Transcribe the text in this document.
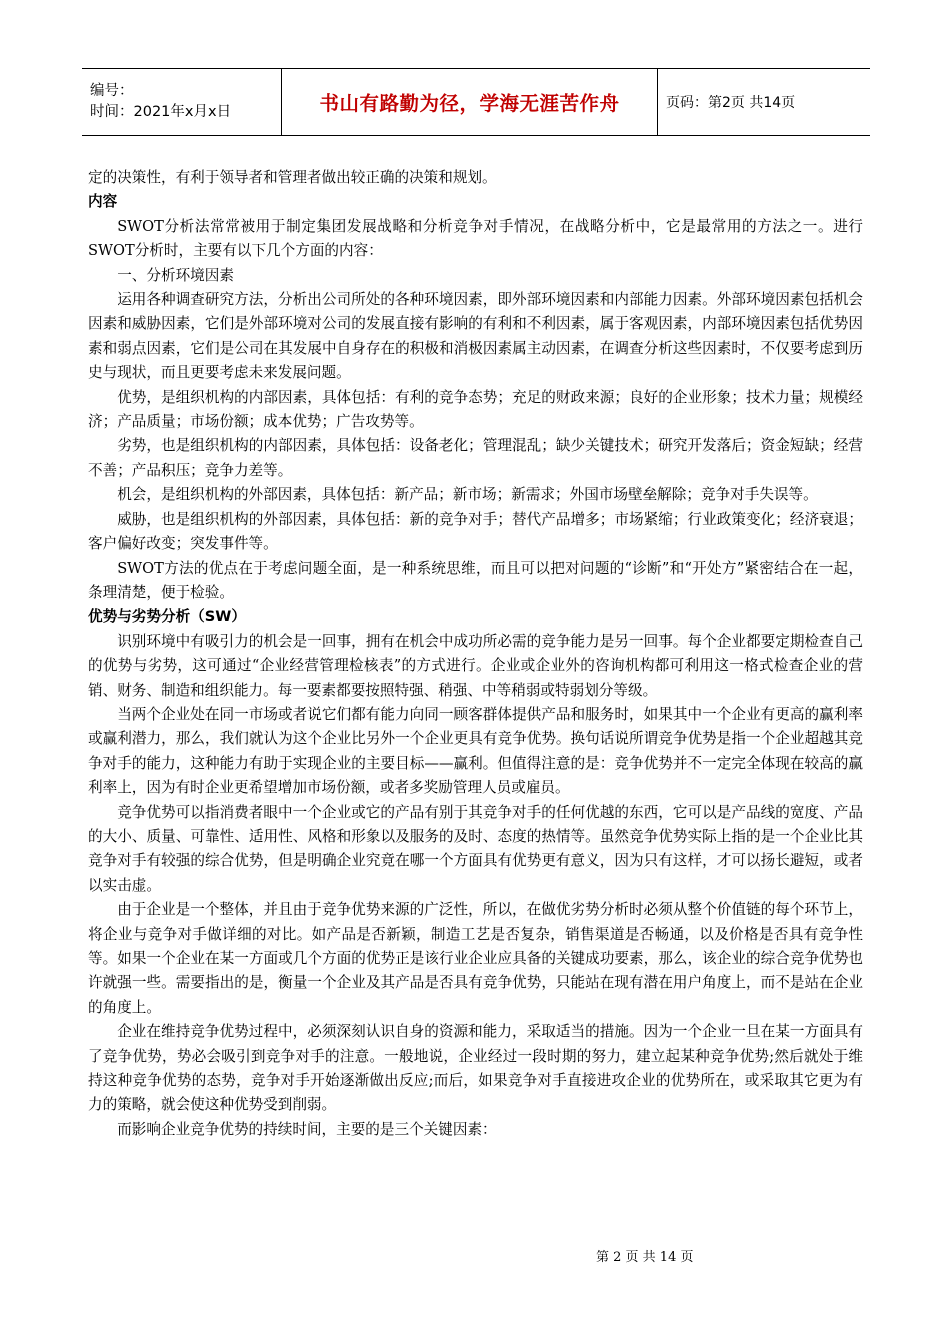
编号：
时间：2021年x月x日	书山有路勤为径，学海无涯苦作舟	页码：第2页 共14页

定的决策性，有利于领导者和管理者做出较正确的决策和规划。

内容

SWOT分析法常常被用于制定集团发展战略和分析竞争对手情况，在战略分析中，它是最常用的方法之一。进行SWOT分析时，主要有以下几个方面的内容：

一、分析环境因素

运用各种调查研究方法，分析出公司所处的各种环境因素，即外部环境因素和内部能力因素。外部环境因素包括机会因素和威胁因素，它们是外部环境对公司的发展直接有影响的有利和不利因素，属于客观因素，内部环境因素包括优势因素和弱点因素，它们是公司在其发展中自身存在的积极和消极因素属主动因素，在调查分析这些因素时，不仅要考虑到历史与现状，而且更要考虑未来发展问题。

优势，是组织机构的内部因素，具体包括：有利的竞争态势；充足的财政来源；良好的企业形象；技术力量；规模经济；产品质量；市场份额；成本优势；广告攻势等。

劣势，也是组织机构的内部因素，具体包括：设备老化；管理混乱；缺少关键技术；研究开发落后；资金短缺；经营不善；产品积压；竞争力差等。

机会，是组织机构的外部因素，具体包括：新产品；新市场；新需求；外国市场壁垒解除；竞争对手失误等。

威胁，也是组织机构的外部因素，具体包括：新的竞争对手；替代产品增多；市场紧缩；行业政策变化；经济衰退；客户偏好改变；突发事件等。

SWOT方法的优点在于考虑问题全面，是一种系统思维，而且可以把对问题的“诊断”和“开处方”紧密结合在一起，条理清楚，便于检验。

优势与劣势分析（SW）

识别环境中有吸引力的机会是一回事，拥有在机会中成功所必需的竞争能力是另一回事。每个企业都要定期检查自己的优势与劣势，这可通过“企业经营管理检核表”的方式进行。企业或企业外的咨询机构都可利用这一格式检查企业的营销、财务、制造和组织能力。每一要素都要按照特强、稍强、中等稍弱或特弱划分等级。

当两个企业处在同一市场或者说它们都有能力向同一顾客群体提供产品和服务时，如果其中一个企业有更高的赢利率或赢利潜力，那么，我们就认为这个企业比另外一个企业更具有竞争优势。换句话说所谓竞争优势是指一个企业超越其竞争对手的能力，这种能力有助于实现企业的主要目标——赢利。但值得注意的是：竞争优势并不一定完全体现在较高的赢利率上，因为有时企业更希望增加市场份额，或者多奖励管理人员或雇员。

竞争优势可以指消费者眼中一个企业或它的产品有别于其竞争对手的任何优越的东西，它可以是产品线的宽度、产品的大小、质量、可靠性、适用性、风格和形象以及服务的及时、态度的热情等。虽然竞争优势实际上指的是一个企业比其竞争对手有较强的综合优势，但是明确企业究竟在哪一个方面具有优势更有意义，因为只有这样，才可以扬长避短，或者以实击虚。

由于企业是一个整体，并且由于竞争优势来源的广泛性，所以，在做优劣势分析时必须从整个价值链的每个环节上，将企业与竞争对手做详细的对比。如产品是否新颖，制造工艺是否复杂，销售渠道是否畅通，以及价格是否具有竞争性等。如果一个企业在某一方面或几个方面的优势正是该行业企业应具备的关键成功要素，那么，该企业的综合竞争优势也许就强一些。需要指出的是，衡量一个企业及其产品是否具有竞争优势，只能站在现有潜在用户角度上，而不是站在企业的角度上。

企业在维持竞争优势过程中，必须深刻认识自身的资源和能力，采取适当的措施。因为一个企业一旦在某一方面具有了竞争优势，势必会吸引到竞争对手的注意。一般地说，企业经过一段时期的努力，建立起某种竞争优势;然后就处于维持这种竞争优势的态势，竞争对手开始逐渐做出反应;而后，如果竞争对手直接进攻企业的优势所在，或采取其它更为有力的策略，就会使这种优势受到削弱。

而影响企业竞争优势的持续时间，主要的是三个关键因素：

第 2 页 共 14 页
